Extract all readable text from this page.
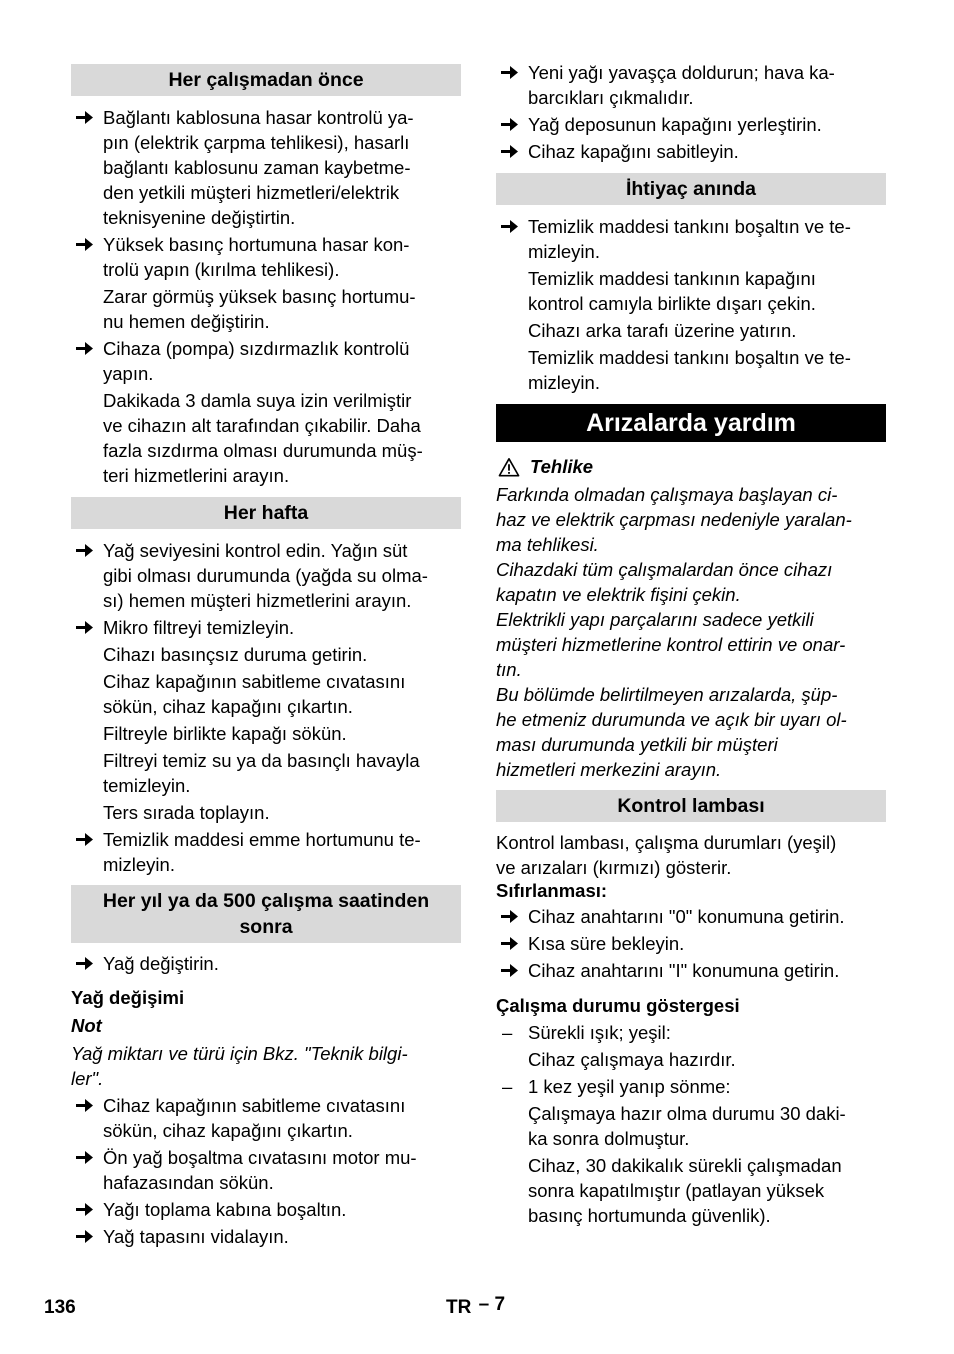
Her çalışmadan önce
Bağlantı kablosuna hasar kontrolü ya-
pın (elektrik çarpma tehlikesi), hasarlı
bağlantı kablosunu zaman kaybetme-
den yetkili müşteri hizmetleri/elektrik
teknisyenine değiştirtin.
Yüksek basınç hortumuna hasar kon-
trolü yapın (kırılma tehlikesi).
Zarar görmüş yüksek basınç hortumu-
nu hemen değiştirin.
Cihaza (pompa) sızdırmazlık kontrolü
yapın.
Dakikada 3 damla suya izin verilmiştir
ve cihazın alt tarafından çıkabilir. Daha
fazla sızdırma olması durumunda müş-
teri hizmetlerini arayın.
Her hafta
Yağ seviyesini kontrol edin. Yağın süt
gibi olması durumunda (yağda su olma-
sı) hemen müşteri hizmetlerini arayın.
Mikro filtreyi temizleyin.
Cihazı basınçsız duruma getirin.
Cihaz kapağının sabitleme cıvatasını
sökün, cihaz kapağını çıkartın.
Filtreyle birlikte kapağı sökün.
Filtreyi temiz su ya da basınçlı havayla
temizleyin.
Ters sırada toplayın.
Temizlik maddesi emme hortumunu te-
mizleyin.
Her yıl ya da 500 çalışma saatinden
sonra
Yağ değiştirin.
Yağ değişimi
Not
Yağ miktarı ve türü için Bkz. "Teknik bilgi-
ler".
Cihaz kapağının sabitleme cıvatasını
sökün, cihaz kapağını çıkartın.
Ön yağ boşaltma cıvatasını motor mu-
hafazasından sökün.
Yağı toplama kabına boşaltın.
Yağ tapasını vidalayın.
Yeni yağı yavaşça doldurun; hava ka-
barcıkları çıkmalıdır.
Yağ deposunun kapağını yerleştirin.
Cihaz kapağını sabitleyin.
İhtiyaç anında
Temizlik maddesi tankını boşaltın ve te-
mizleyin.
Temizlik maddesi tankının kapağını
kontrol camıyla birlikte dışarı çekin.
Cihazı arka tarafı üzerine yatırın.
Temizlik maddesi tankını boşaltın ve te-
mizleyin.
Arızalarda yardım
Tehlike
Farkında olmadan çalışmaya başlayan ci-
haz ve elektrik çarpması nedeniyle yaralan-
ma tehlikesi.
Cihazdaki tüm çalışmalardan önce cihazı
kapatın ve elektrik fişini çekin.
Elektrikli yapı parçalarını sadece yetkili
müşteri hizmetlerine kontrol ettirin ve onar-
tın.
Bu bölümde belirtilmeyen arızalarda, şüp-
he etmeniz durumunda ve açık bir uyarı ol-
ması durumunda yetkili bir müşteri
hizmetleri merkezini arayın.
Kontrol lambası
Kontrol lambası, çalışma durumları (yeşil)
ve arızaları (kırmızı) gösterir.
Sıfırlanması:
Cihaz anahtarını "0" konumuna getirin.
Kısa süre bekleyin.
Cihaz anahtarını "I" konumuna getirin.
Çalışma durumu göstergesi
– Sürekli ışık; yeşil:
Cihaz çalışmaya hazırdır.
– 1 kez yeşil yanıp sönme:
Çalışmaya hazır olma durumu 30 daki-
ka sonra dolmuştur.
Cihaz, 30 dakikalık sürekli çalışmadan
sonra kapatılmıştır (patlayan yüksek
basınç hortumunda güvenlik).
136	TR – 7
